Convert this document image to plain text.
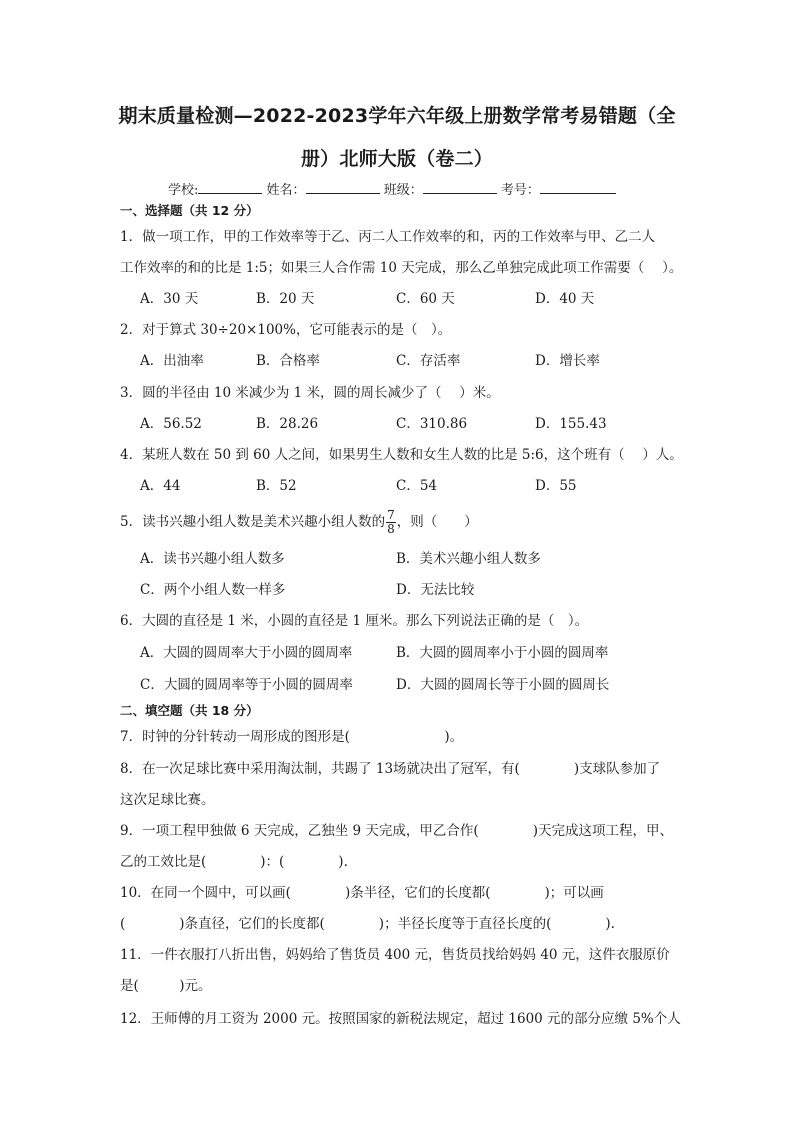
期末质量检测—2022-2023学年六年级上册数学常考易错题（全
册）北师大版（卷二）
学校:	姓名：	班级：	考号：
一、选择题（共 12 分）
1．做一项工作，甲的工作效率等于乙、丙二人工作效率的和，丙的工作效率与甲、乙二人
工作效率的和的比是 1:5；如果三人合作需 10 天完成，那么乙单独完成此项工作需要（　 ）。
A．30 天	B．20 天	C．60 天	D．40 天
2．对于算式 30÷20×100%，它可能表示的是（　）。
A．出油率	B．合格率	C．存活率	D．增长率
3．圆的半径由 10 米减少为 1 米，圆的周长减少了（　 ）米。
A．56.52	B．28.26	C．310.86	D．155.43
4．某班人数在 50 到 60 人之间，如果男生人数和女生人数的比是 5:6，这个班有（　 ）人。
A．44	B．52	C．54	D．55
5．读书兴趣小组人数是美术兴趣小组人数的 $\frac{7}{8}$ ，则（　　）
A．读书兴趣小组人数多	B．美术兴趣小组人数多
C．两个小组人数一样多	D．无法比较
6．大圆的直径是 1 米，小圆的直径是 1 厘米。那么下列说法正确的是（　）。
A．大圆的圆周率大于小圆的圆周率	B．大圆的圆周率小于小圆的圆周率
C．大圆的圆周率等于小圆的圆周率	D．大圆的圆周长等于小圆的圆周长
二、填空题（共 18 分）
7．时钟的分针转动一周形成的图形是(　　　　　　　)。
8．在一次足球比赛中采用淘汰制，共踢了 13场就决出了冠军，有(　　　　)支球队参加了
这次足球比赛。
9．一项工程甲独做 6 天完成，乙独坐 9 天完成，甲乙合作(　　　　)天完成这项工程，甲、
乙的工效比是(　　　　)：(　　　　).
10．在同一个圆中，可以画(　　　　)条半径，它们的长度都(　　　　)；可以画
(　　　　)条直径，它们的长度都(　　　　)；半径长度等于直径长度的(　　　　).
11．一件衣服打八折出售，妈妈给了售货员 400 元，售货员找给妈妈 40 元，这件衣服原价
是(　　　)元。
12．王师傅的月工资为 2000 元。按照国家的新税法规定，超过 1600 元的部分应缴 5%个人
